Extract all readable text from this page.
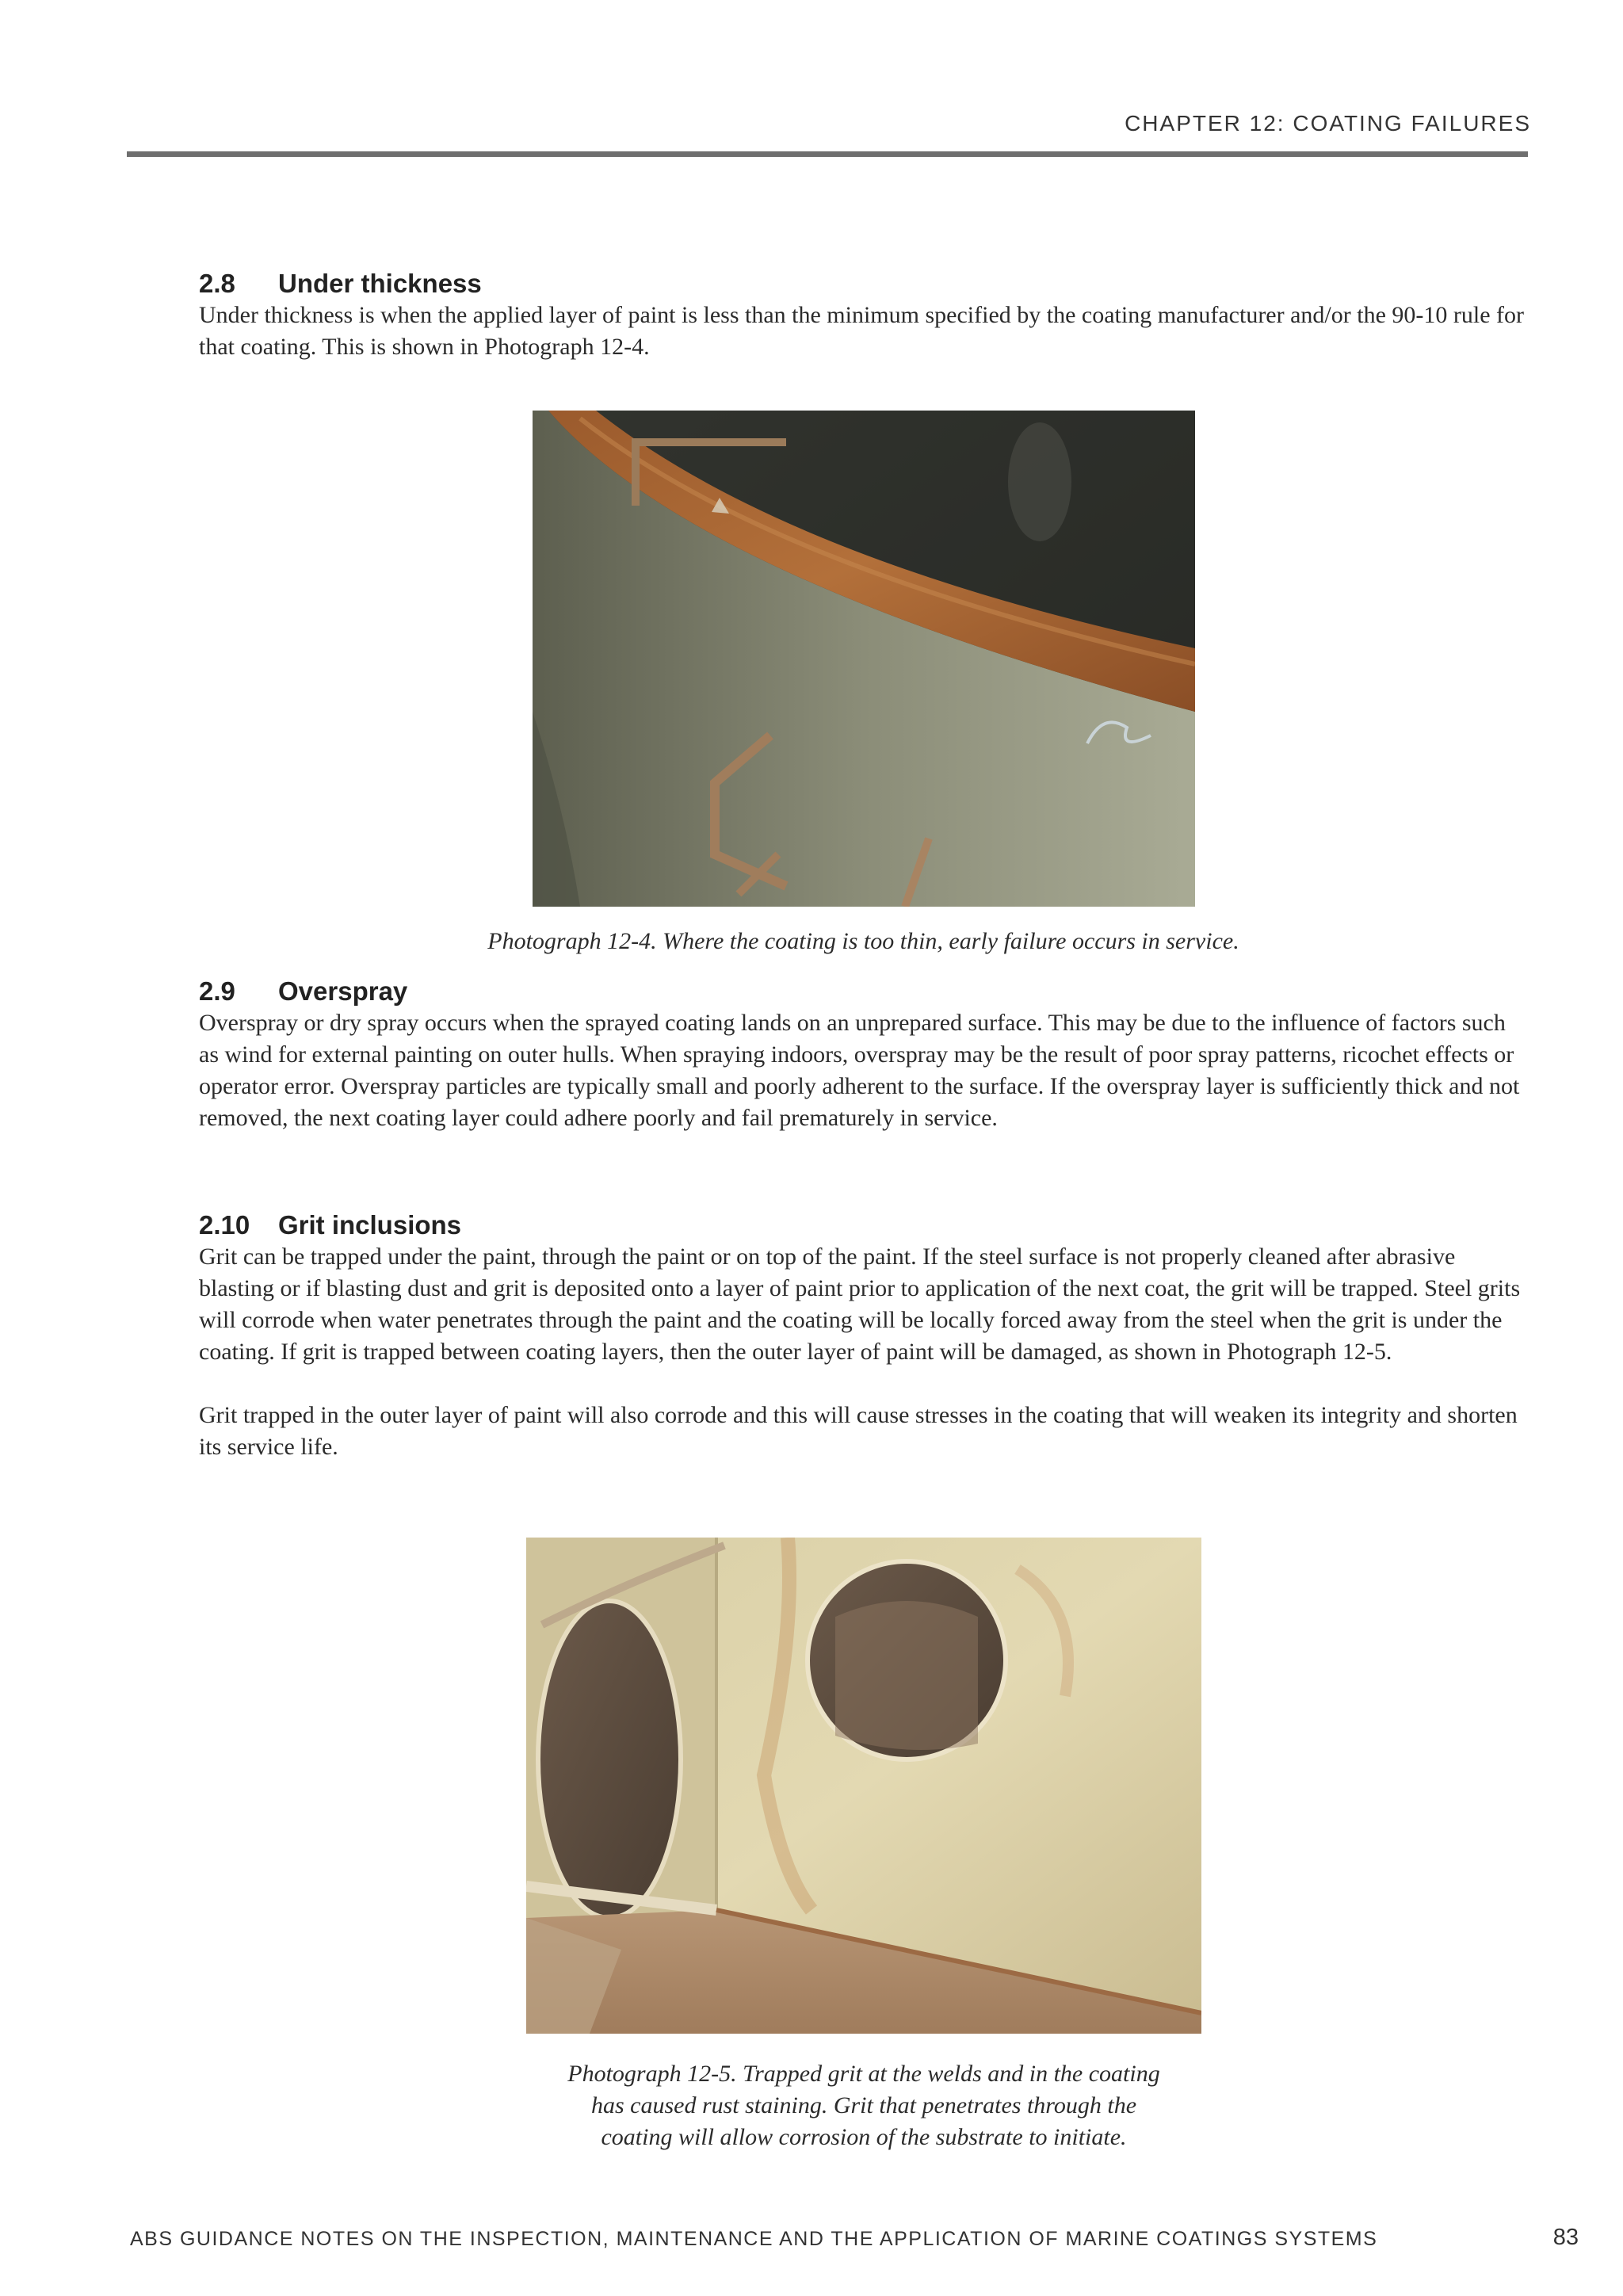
CHAPTER 12: COATING FAILURES
2.8 Under thickness

Under thickness is when the applied layer of paint is less than the minimum specified by the coating manufacturer and/or the 90-10 rule for that coating. This is shown in Photograph 12-4.

Photograph 12-4. Where the coating is too thin, early failure occurs in service.
2.9 Overspray

Overspray or dry spray occurs when the sprayed coating lands on an unprepared surface. This may be due to the influence of factors such as wind for external painting on outer hulls. When spraying indoors, overspray may be the result of poor spray patterns, ricochet effects or operator error. Overspray particles are typically small and poorly adherent to the surface. If the overspray layer is sufficiently thick and not removed, the next coating layer could adhere poorly and fail prematurely in service.

2.10 Grit inclusions

Grit can be trapped under the paint, through the paint or on top of the paint. If the steel surface is not properly cleaned after abrasive blasting or if blasting dust and grit is deposited onto a layer of paint prior to application of the next coat, the grit will be trapped. Steel grits will corrode when water penetrates through the paint and the coating will be locally forced away from the steel when the grit is under the coating. If grit is trapped between coating layers, then the outer layer of paint will be damaged, as shown in Photograph 12-5.

Grit trapped in the outer layer of paint will also corrode and this will cause stresses in the coating that will weaken its integrity and shorten its service life.

Photograph 12-5. Trapped grit at the welds and in the coating
has caused rust staining. Grit that penetrates through the
coating will allow corrosion of the substrate to initiate.
ABS GUIDANCE NOTES ON THE INSPECTION, MAINTENANCE AND THE APPLICATION OF MARINE COATINGS SYSTEMS	83
